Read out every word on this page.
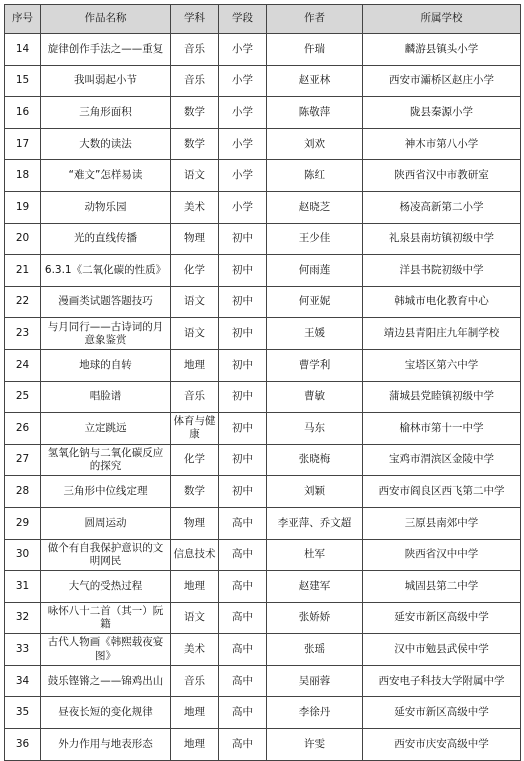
序号	作品名称	学科	学段	作者	所属学校
14	旋律创作手法之——重复	音乐	小学	仵瑞	麟游县镇头小学
15	我叫弱起小节	音乐	小学	赵亚林	西安市灞桥区赵庄小学
16	三角形面积	数学	小学	陈敬萍	陇县秦源小学
17	大数的读法	数学	小学	刘欢	神木市第八小学
18	“难文”怎样易读	语文	小学	陈红	陕西省汉中市教研室
19	动物乐园	美术	小学	赵晓芝	杨凌高新第二小学
20	光的直线传播	物理	初中	王少佳	礼泉县南坊镇初级中学
21	6.3.1《二氧化碳的性质》	化学	初中	何雨莲	洋县书院初级中学
22	漫画类试题答题技巧	语文	初中	何亚妮	韩城市电化教育中心
23	与月同行——古诗词的月意象鉴赏	语文	初中	王媛	靖边县青阳庄九年制学校
24	地球的自转	地理	初中	曹学利	宝塔区第六中学
25	唱脸谱	音乐	初中	曹敏	蒲城县党睦镇初级中学
26	立定跳远	体育与健康	初中	马东	榆林市第十一中学
27	氢氧化钠与二氧化碳反应的探究	化学	初中	张晓梅	宝鸡市渭滨区金陵中学
28	三角形中位线定理	数学	初中	刘颖	西安市阎良区西飞第二中学
29	圆周运动	物理	高中	李亚萍、乔文超	三原县南郊中学
30	做个有自我保护意识的文明网民	信息技术	高中	杜军	陕西省汉中中学
31	大气的受热过程	地理	高中	赵建军	城固县第二中学
32	咏怀八十二首（其一）阮籍	语文	高中	张娇娇	延安市新区高级中学
33	古代人物画《韩熙载夜宴图》	美术	高中	张瑶	汉中市勉县武侯中学
34	鼓乐铿锵之——锦鸡出山	音乐	高中	吴丽蓉	西安电子科技大学附属中学
35	昼夜长短的变化规律	地理	高中	李徐丹	延安市新区高级中学
36	外力作用与地表形态	地理	高中	许雯	西安市庆安高级中学
